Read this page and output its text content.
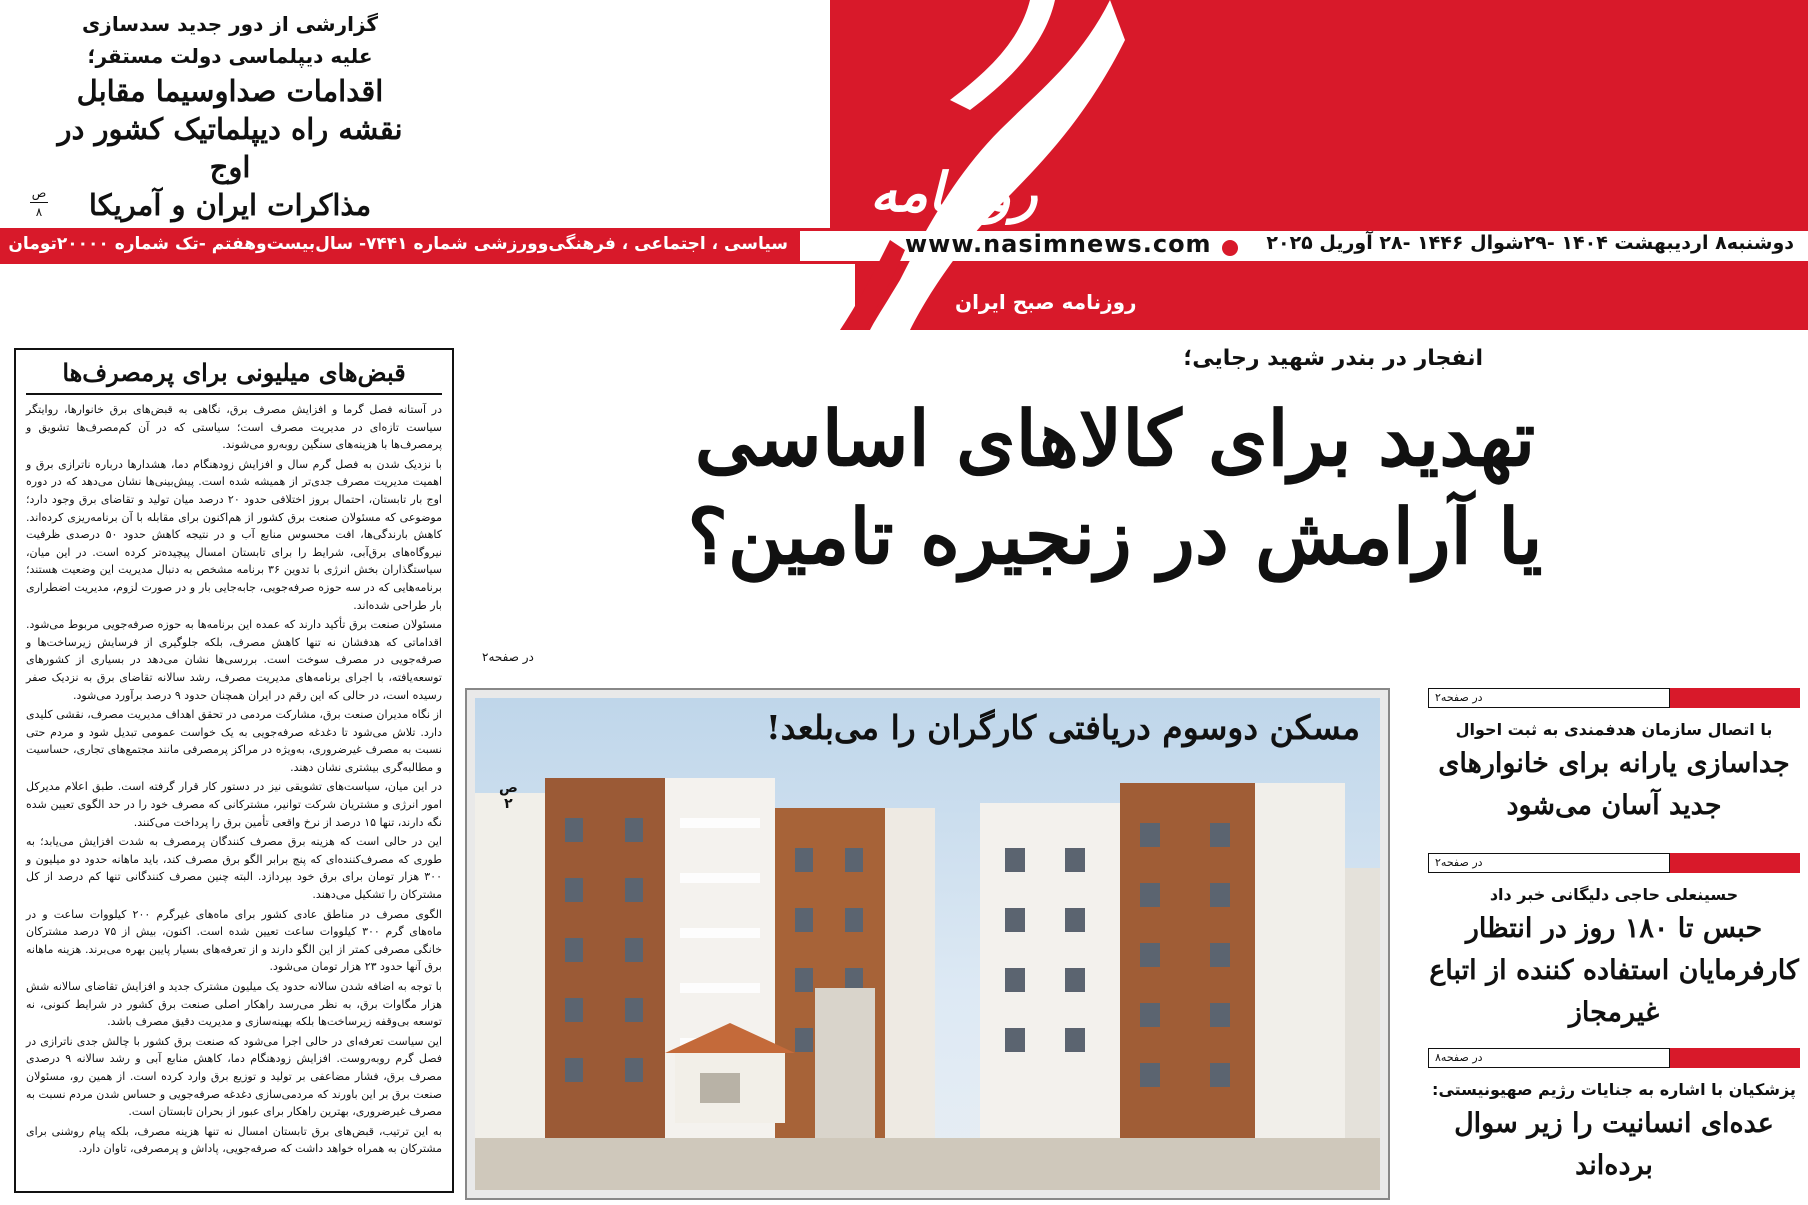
روزنامه
دوشنبه۸ اردیبهشت ۱۴۰۴ -۲۹شوال ۱۴۴۶ -۲۸ آوریل ۲۰۲۵
www.nasimnews.com
سیاسی ، اجتماعی ، فرهنگی‌وورزشی شماره ۷۴۴۱- سال‌بیست‌وهفتم -تک شماره ۲۰۰۰۰تومان
روزنامه صبح ایران
گزارشی از دور جدید سدسازی
علیه دیپلماسی دولت مستقر؛
اقدامات صداوسیما مقابل
نقشه راه دیپلماتیک کشور در اوج
مذاکرات ایران و آمریکا
ص
۸
قبض‌های میلیونی برای پرمصرف‌ها

در آستانه فصل گرما و افزایش مصرف برق، نگاهی به قبض‌های برق خانوارها، روایتگر سیاست تازه‌ای در مدیریت مصرف است؛ سیاستی که در آن کم‌مصرف‌ها تشویق و پرمصرف‌ها با هزینه‌های سنگین روبه‌رو می‌شوند.

با نزدیک شدن به فصل گرم سال و افزایش زودهنگام دما، هشدارها درباره ناترازی برق و اهمیت مدیریت مصرف جدی‌تر از همیشه شده است. پیش‌بینی‌ها نشان می‌دهد که در دوره اوج بار تابستان، احتمال بروز اختلافی حدود ۲۰ درصد میان تولید و تقاضای برق وجود دارد؛ موضوعی که مسئولان صنعت برق کشور از هم‌اکنون برای مقابله با آن برنامه‌ریزی کرده‌اند. کاهش بارندگی‌ها، افت محسوس منابع آب و در نتیجه کاهش حدود ۵۰ درصدی ظرفیت نیروگاه‌های برق‌آبی، شرایط را برای تابستان امسال پیچیده‌تر کرده است. در این میان، سیاستگذاران بخش انرژی با تدوین ۳۶ برنامه مشخص به دنبال مدیریت این وضعیت هستند؛ برنامه‌هایی که در سه حوزه صرفه‌جویی، جابه‌جایی بار و در صورت لزوم، مدیریت اضطراری بار طراحی شده‌اند.

مسئولان صنعت برق تأکید دارند که عمده این برنامه‌ها به حوزه صرفه‌جویی مربوط می‌شود. اقداماتی که هدفشان نه تنها کاهش مصرف، بلکه جلوگیری از فرسایش زیرساخت‌ها و صرفه‌جویی در مصرف سوخت است. بررسی‌ها نشان می‌دهد در بسیاری از کشورهای توسعه‌یافته، با اجرای برنامه‌های مدیریت مصرف، رشد سالانه تقاضای برق به نزدیک صفر رسیده است، در حالی که این رقم در ایران همچنان حدود ۹ درصد برآورد می‌شود.

از نگاه مدیران صنعت برق، مشارکت مردمی در تحقق اهداف مدیریت مصرف، نقشی کلیدی دارد. تلاش می‌شود تا دغدغه صرفه‌جویی به یک خواست عمومی تبدیل شود و مردم حتی نسبت به مصرف غیرضروری، به‌ویژه در مراکز پرمصرفی مانند مجتمع‌های تجاری، حساسیت و مطالبه‌گری بیشتری نشان دهند.

در این میان، سیاست‌های تشویقی نیز در دستور کار قرار گرفته است. طبق اعلام مدیرکل امور انرژی و مشتریان شرکت توانیر، مشترکانی که مصرف خود را در حد الگوی تعیین شده نگه دارند، تنها ۱۵ درصد از نرخ واقعی تأمین برق را پرداخت می‌کنند.

این در حالی است که هزینه برق مصرف کنندگان پرمصرف به شدت افزایش می‌یابد؛ به طوری که مصرف‌کننده‌ای که پنج برابر الگو برق مصرف کند، باید ماهانه حدود دو میلیون و ۳۰۰ هزار تومان برای برق خود بپردازد. البته چنین مصرف کنندگانی تنها کم درصد از کل مشترکان را تشکیل می‌دهند.

الگوی مصرف در مناطق عادی کشور برای ماه‌های غیرگرم ۲۰۰ کیلووات ساعت و در ماه‌های گرم ۳۰۰ کیلووات ساعت تعیین شده است. اکنون، بیش از ۷۵ درصد مشترکان خانگی مصرفی کمتر از این الگو دارند و از تعرفه‌های بسیار پایین بهره می‌برند. هزینه ماهانه برق آنها حدود ۲۳ هزار تومان می‌شود.

با توجه به اضافه شدن سالانه حدود یک میلیون مشترک جدید و افزایش تقاضای سالانه شش هزار مگاوات برق، به نظر می‌رسد راهکار اصلی صنعت برق کشور در شرایط کنونی، نه توسعه بی‌وقفه زیرساخت‌ها بلکه بهینه‌سازی و مدیریت دقیق مصرف باشد.

این سیاست تعرفه‌ای در حالی اجرا می‌شود که صنعت برق کشور با چالش جدی ناترازی در فصل گرم روبه‌روست. افزایش زودهنگام دما، کاهش منابع آبی و رشد سالانه ۹ درصدی مصرف برق، فشار مضاعفی بر تولید و توزیع برق وارد کرده است. از همین رو، مسئولان صنعت برق بر این باورند که مردمی‌سازی دغدغه صرفه‌جویی و حساس شدن مردم نسبت به مصرف غیرضروری، بهترین راهکار برای عبور از بحران تابستان است.

به این ترتیب، قبض‌های برق تابستان امسال نه تنها هزینه مصرف، بلکه پیام روشنی برای مشترکان به همراه خواهد داشت که صرفه‌جویی، پاداش و پرمصرفی، تاوان دارد.

انفجار در بندر شهید رجایی؛
تهدید برای کالاهای اساسی
یا آرامش در زنجیره تامین؟
در صفحه۲
مسکن دوسوم دریافتی کارگران را می‌بلعد!
ص
۲
در صفحه۲
با اتصال سازمان هدفمندی به ثبت احوال
جداسازی یارانه برای خانوارهای جدید آسان می‌شود
در صفحه۲
حسینعلی حاجی دلیگانی خبر داد
حبس تا ۱۸۰ روز در انتظار کارفرمایان استفاده کننده از اتباع غیرمجاز
در صفحه۸
پزشکیان با اشاره به جنایات رژیم صهیونیستی:
عده‌ای انسانیت را زیر سوال برده‌اند
